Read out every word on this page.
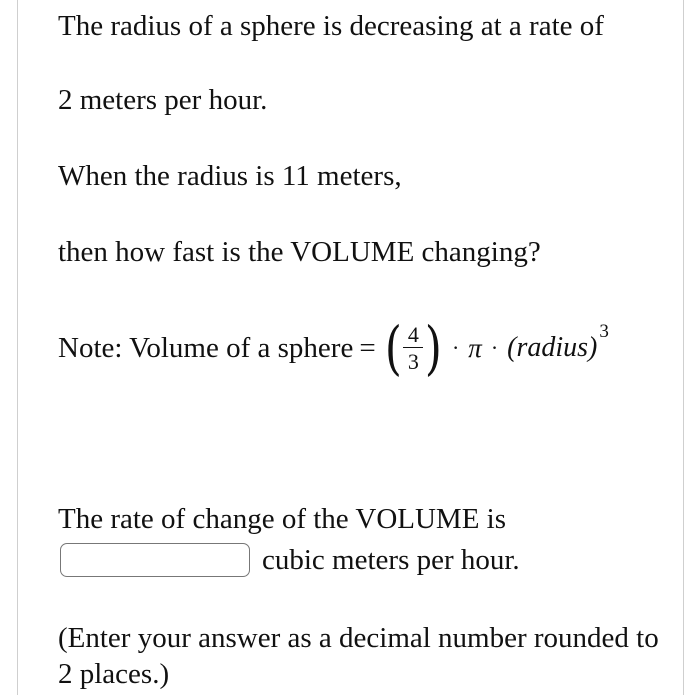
The radius of a sphere is decreasing at a rate of
2 meters per hour.
When the radius is 11 meters,
then how fast is the VOLUME changing?
Note: Volume of a sphere = ( $\frac{4}{3}$ ) · π · (radius)
3
The rate of change of the VOLUME is
cubic meters per hour.
(Enter your answer as a decimal number rounded to
2 places.)
